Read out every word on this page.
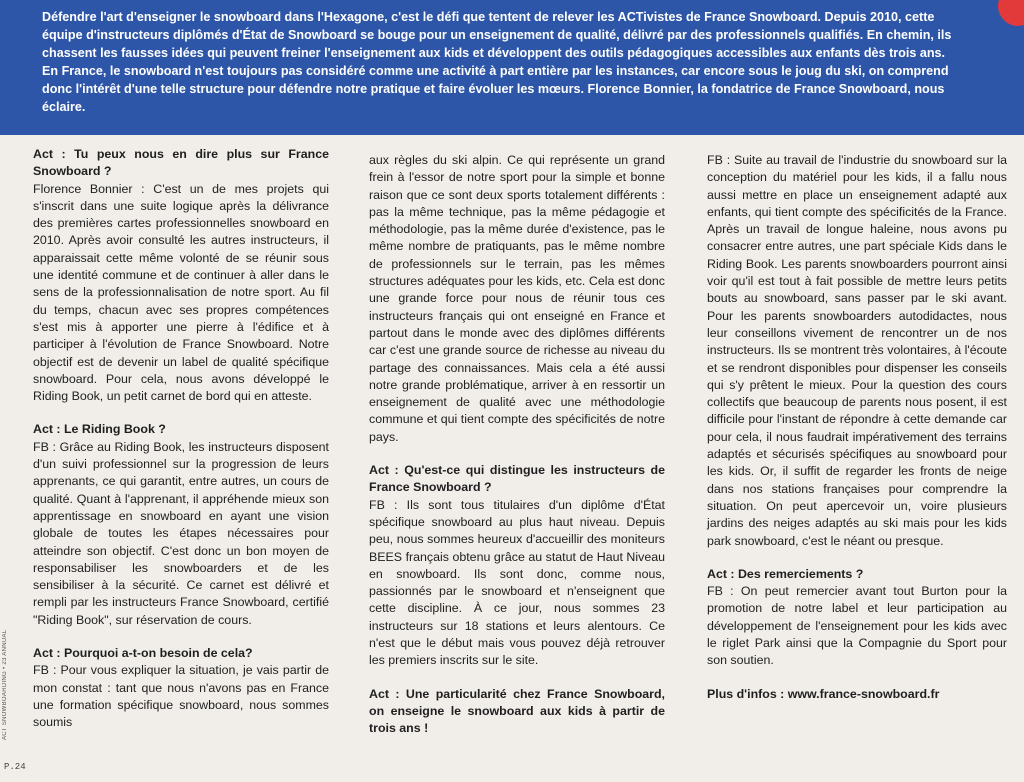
Défendre l'art d'enseigner le snowboard dans l'Hexagone, c'est le défi que tentent de relever les ACTivistes de France Snowboard. Depuis 2010, cette équipe d'instructeurs diplômés d'État de Snowboard se bouge pour un enseignement de qualité, délivré par des professionnels qualifiés. En chemin, ils chassent les fausses idées qui peuvent freiner l'enseignement aux kids et développent des outils pédagogiques accessibles aux enfants dès trois ans.

En France, le snowboard n'est toujours pas considéré comme une activité à part entière par les instances, car encore sous le joug du ski, on comprend donc l'intérêt d'une telle structure pour défendre notre pratique et faire évoluer les mœurs. Florence Bonnier, la fondatrice de France Snowboard, nous éclaire.

Act : Tu peux nous en dire plus sur France Snowboard ?

Florence Bonnier : C'est un de mes projets qui s'inscrit dans une suite logique après la délivrance des premières cartes professionnelles snowboard en 2010. Après avoir consulté les autres instructeurs, il apparaissait cette même volonté de se réunir sous une identité commune et de continuer à aller dans le sens de la professionnalisation de notre sport. Au fil du temps, chacun avec ses propres compétences s'est mis à apporter une pierre à l'édifice et à participer à l'évolution de France Snowboard. Notre objectif est de devenir un label de qualité spécifique snowboard. Pour cela, nous avons développé le Riding Book, un petit carnet de bord qui en atteste.

Act : Le Riding Book ?

FB : Grâce au Riding Book, les instructeurs disposent d'un suivi professionnel sur la progression de leurs apprenants, ce qui garantit, entre autres, un cours de qualité. Quant à l'apprenant, il appréhende mieux son apprentissage en snowboard en ayant une vision globale de toutes les étapes nécessaires pour atteindre son objectif. C'est donc un bon moyen de responsabiliser les snowboarders et de les sensibiliser à la sécurité. Ce carnet est délivré et rempli par les instructeurs France Snowboard, certifié "Riding Book", sur réservation de cours.

Act : Pourquoi a-t-on besoin de cela?

FB : Pour vous expliquer la situation, je vais partir de mon constat : tant que nous n'avons pas en France une formation spécifique snowboard, nous sommes soumis

aux règles du ski alpin. Ce qui représente un grand frein à l'essor de notre sport pour la simple et bonne raison que ce sont deux sports totalement différents : pas la même technique, pas la même pédagogie et méthodologie, pas la même durée d'existence, pas le même nombre de pratiquants, pas le même nombre de professionnels sur le terrain, pas les mêmes structures adéquates pour les kids, etc. Cela est donc une grande force pour nous de réunir tous ces instructeurs français qui ont enseigné en France et partout dans le monde avec des diplômes différents car c'est une grande source de richesse au niveau du partage des connaissances. Mais cela a été aussi notre grande problématique, arriver à en ressortir un enseignement de qualité avec une méthodologie commune et qui tient compte des spécificités de notre pays.

Act : Qu'est-ce qui distingue les instructeurs de France Snowboard ?

FB : Ils sont tous titulaires d'un diplôme d'État spécifique snowboard au plus haut niveau. Depuis peu, nous sommes heureux d'accueillir des moniteurs BEES français obtenu grâce au statut de Haut Niveau en snowboard. Ils sont donc, comme nous, passionnés par le snowboard et n'enseignent que cette discipline. À ce jour, nous sommes 23 instructeurs sur 18 stations et leurs alentours. Ce n'est que le début mais vous pouvez déjà retrouver les premiers inscrits sur le site.

Act : Une particularité chez France Snowboard, on enseigne le snowboard aux kids à partir de trois ans !

FB : Suite au travail de l'industrie du snowboard sur la conception du matériel pour les kids, il a fallu nous aussi mettre en place un enseignement adapté aux enfants, qui tient compte des spécificités de la France. Après un travail de longue haleine, nous avons pu consacrer entre autres, une part spéciale Kids dans le Riding Book. Les parents snowboarders pourront ainsi voir qu'il est tout à fait possible de mettre leurs petits bouts au snowboard, sans passer par le ski avant. Pour les parents snowboarders autodidactes, nous leur conseillons vivement de rencontrer un de nos instructeurs. Ils se montrent très volontaires, à l'écoute et se rendront disponibles pour dispenser les conseils qui s'y prêtent le mieux. Pour la question des cours collectifs que beaucoup de parents nous posent, il est difficile pour l'instant de répondre à cette demande car pour cela, il nous faudrait impérativement des terrains adaptés et sécurisés spécifiques au snowboard pour les kids. Or, il suffit de regarder les fronts de neige dans nos stations françaises pour comprendre la situation. On peut apercevoir un, voire plusieurs jardins des neiges adaptés au ski mais pour les kids park snowboard, c'est le néant ou presque.

Act : Des remerciements ?

FB : On peut remercier avant tout Burton pour la promotion de notre label et leur participation au développement de l'enseignement pour les kids avec le riglet Park ainsi que la Compagnie du Sport pour son soutien.

Plus d'infos : www.france-snowboard.fr

ACT SNOWBOARDING • 23 ANNUAL
P.24
